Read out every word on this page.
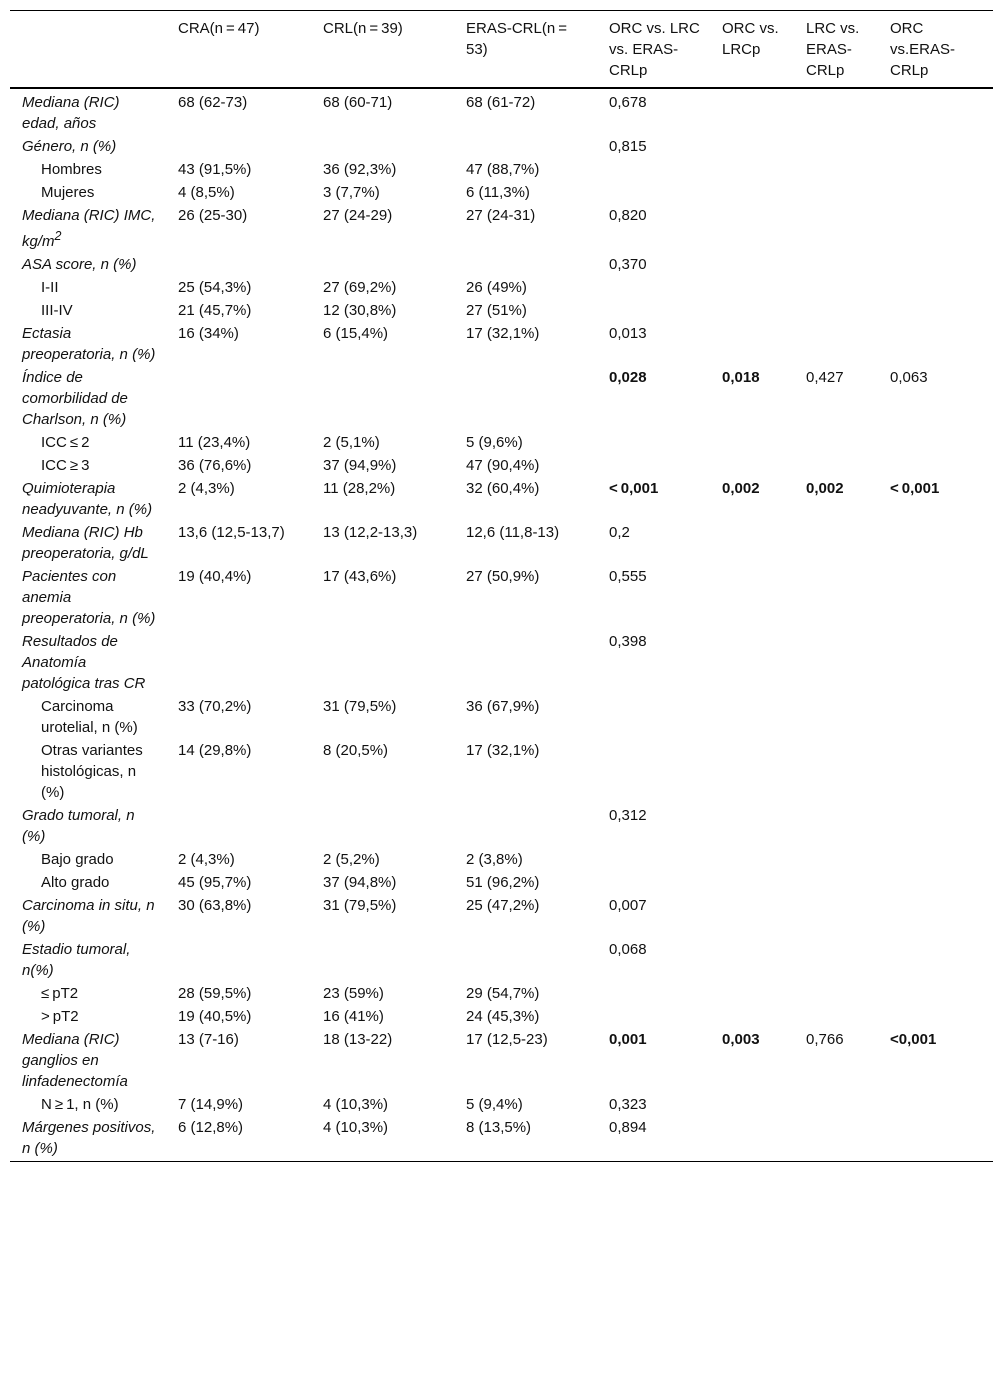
	CRA(n = 47)	CRL(n = 39)	ERAS-CRL(n = 53)	ORC vs. LRC vs. ERAS-CRLp	ORC vs. LRCp	LRC vs. ERAS-CRLp	ORC vs.ERAS-CRLp
Mediana (RIC) edad, años	68 (62-73)	68 (60-71)	68 (61-72)	0,678			
Género, n (%)				0,815			
Hombres	43 (91,5%)	36 (92,3%)	47 (88,7%)				
Mujeres	4 (8,5%)	3 (7,7%)	6 (11,3%)				
Mediana (RIC) IMC, $kg/m^2$	26 (25-30)	27 (24-29)	27 (24-31)	0,820			
ASA score, n (%)				0,370			
I-II	25 (54,3%)	27 (69,2%)	26 (49%)				
III-IV	21 (45,7%)	12 (30,8%)	27 (51%)				
Ectasia preoperatoria, n (%)	16 (34%)	6 (15,4%)	17 (32,1%)	0,013			
Índice de comorbilidad de Charlson, n (%)				0,028	0,018	0,427	0,063
ICC ≤ 2	11 (23,4%)	2 (5,1%)	5 (9,6%)				
ICC ≥ 3	36 (76,6%)	37 (94,9%)	47 (90,4%)				
Quimioterapia neadyuvante, n (%)	2 (4,3%)	11 (28,2%)	32 (60,4%)	< 0,001	0,002	0,002	< 0,001
Mediana (RIC) Hb preoperatoria, g/dL	13,6 (12,5-13,7)	13 (12,2-13,3)	12,6 (11,8-13)	0,2			
Pacientes con anemia preoperatoria, n (%)	19 (40,4%)	17 (43,6%)	27 (50,9%)	0,555			
Resultados de Anatomía patológica tras CR				0,398			
Carcinoma urotelial, n (%)	33 (70,2%)	31 (79,5%)	36 (67,9%)				
Otras variantes histológicas, n (%)	14 (29,8%)	8 (20,5%)	17 (32,1%)				
Grado tumoral, n (%)				0,312			
Bajo grado	2 (4,3%)	2 (5,2%)	2 (3,8%)				
Alto grado	45 (95,7%)	37 (94,8%)	51 (96,2%)				
Carcinoma in situ, n (%)	30 (63,8%)	31 (79,5%)	25 (47,2%)	0,007			
Estadio tumoral, n(%)				0,068			
≤ pT2	28 (59,5%)	23 (59%)	29 (54,7%)				
> pT2	19 (40,5%)	16 (41%)	24 (45,3%)				
Mediana (RIC) ganglios en linfadenectomía	13 (7-16)	18 (13-22)	17 (12,5-23)	0,001	0,003	0,766	<0,001
N ≥ 1, n (%)	7 (14,9%)	4 (10,3%)	5 (9,4%)	0,323			
Márgenes positivos, n (%)	6 (12,8%)	4 (10,3%)	8 (13,5%)	0,894			
